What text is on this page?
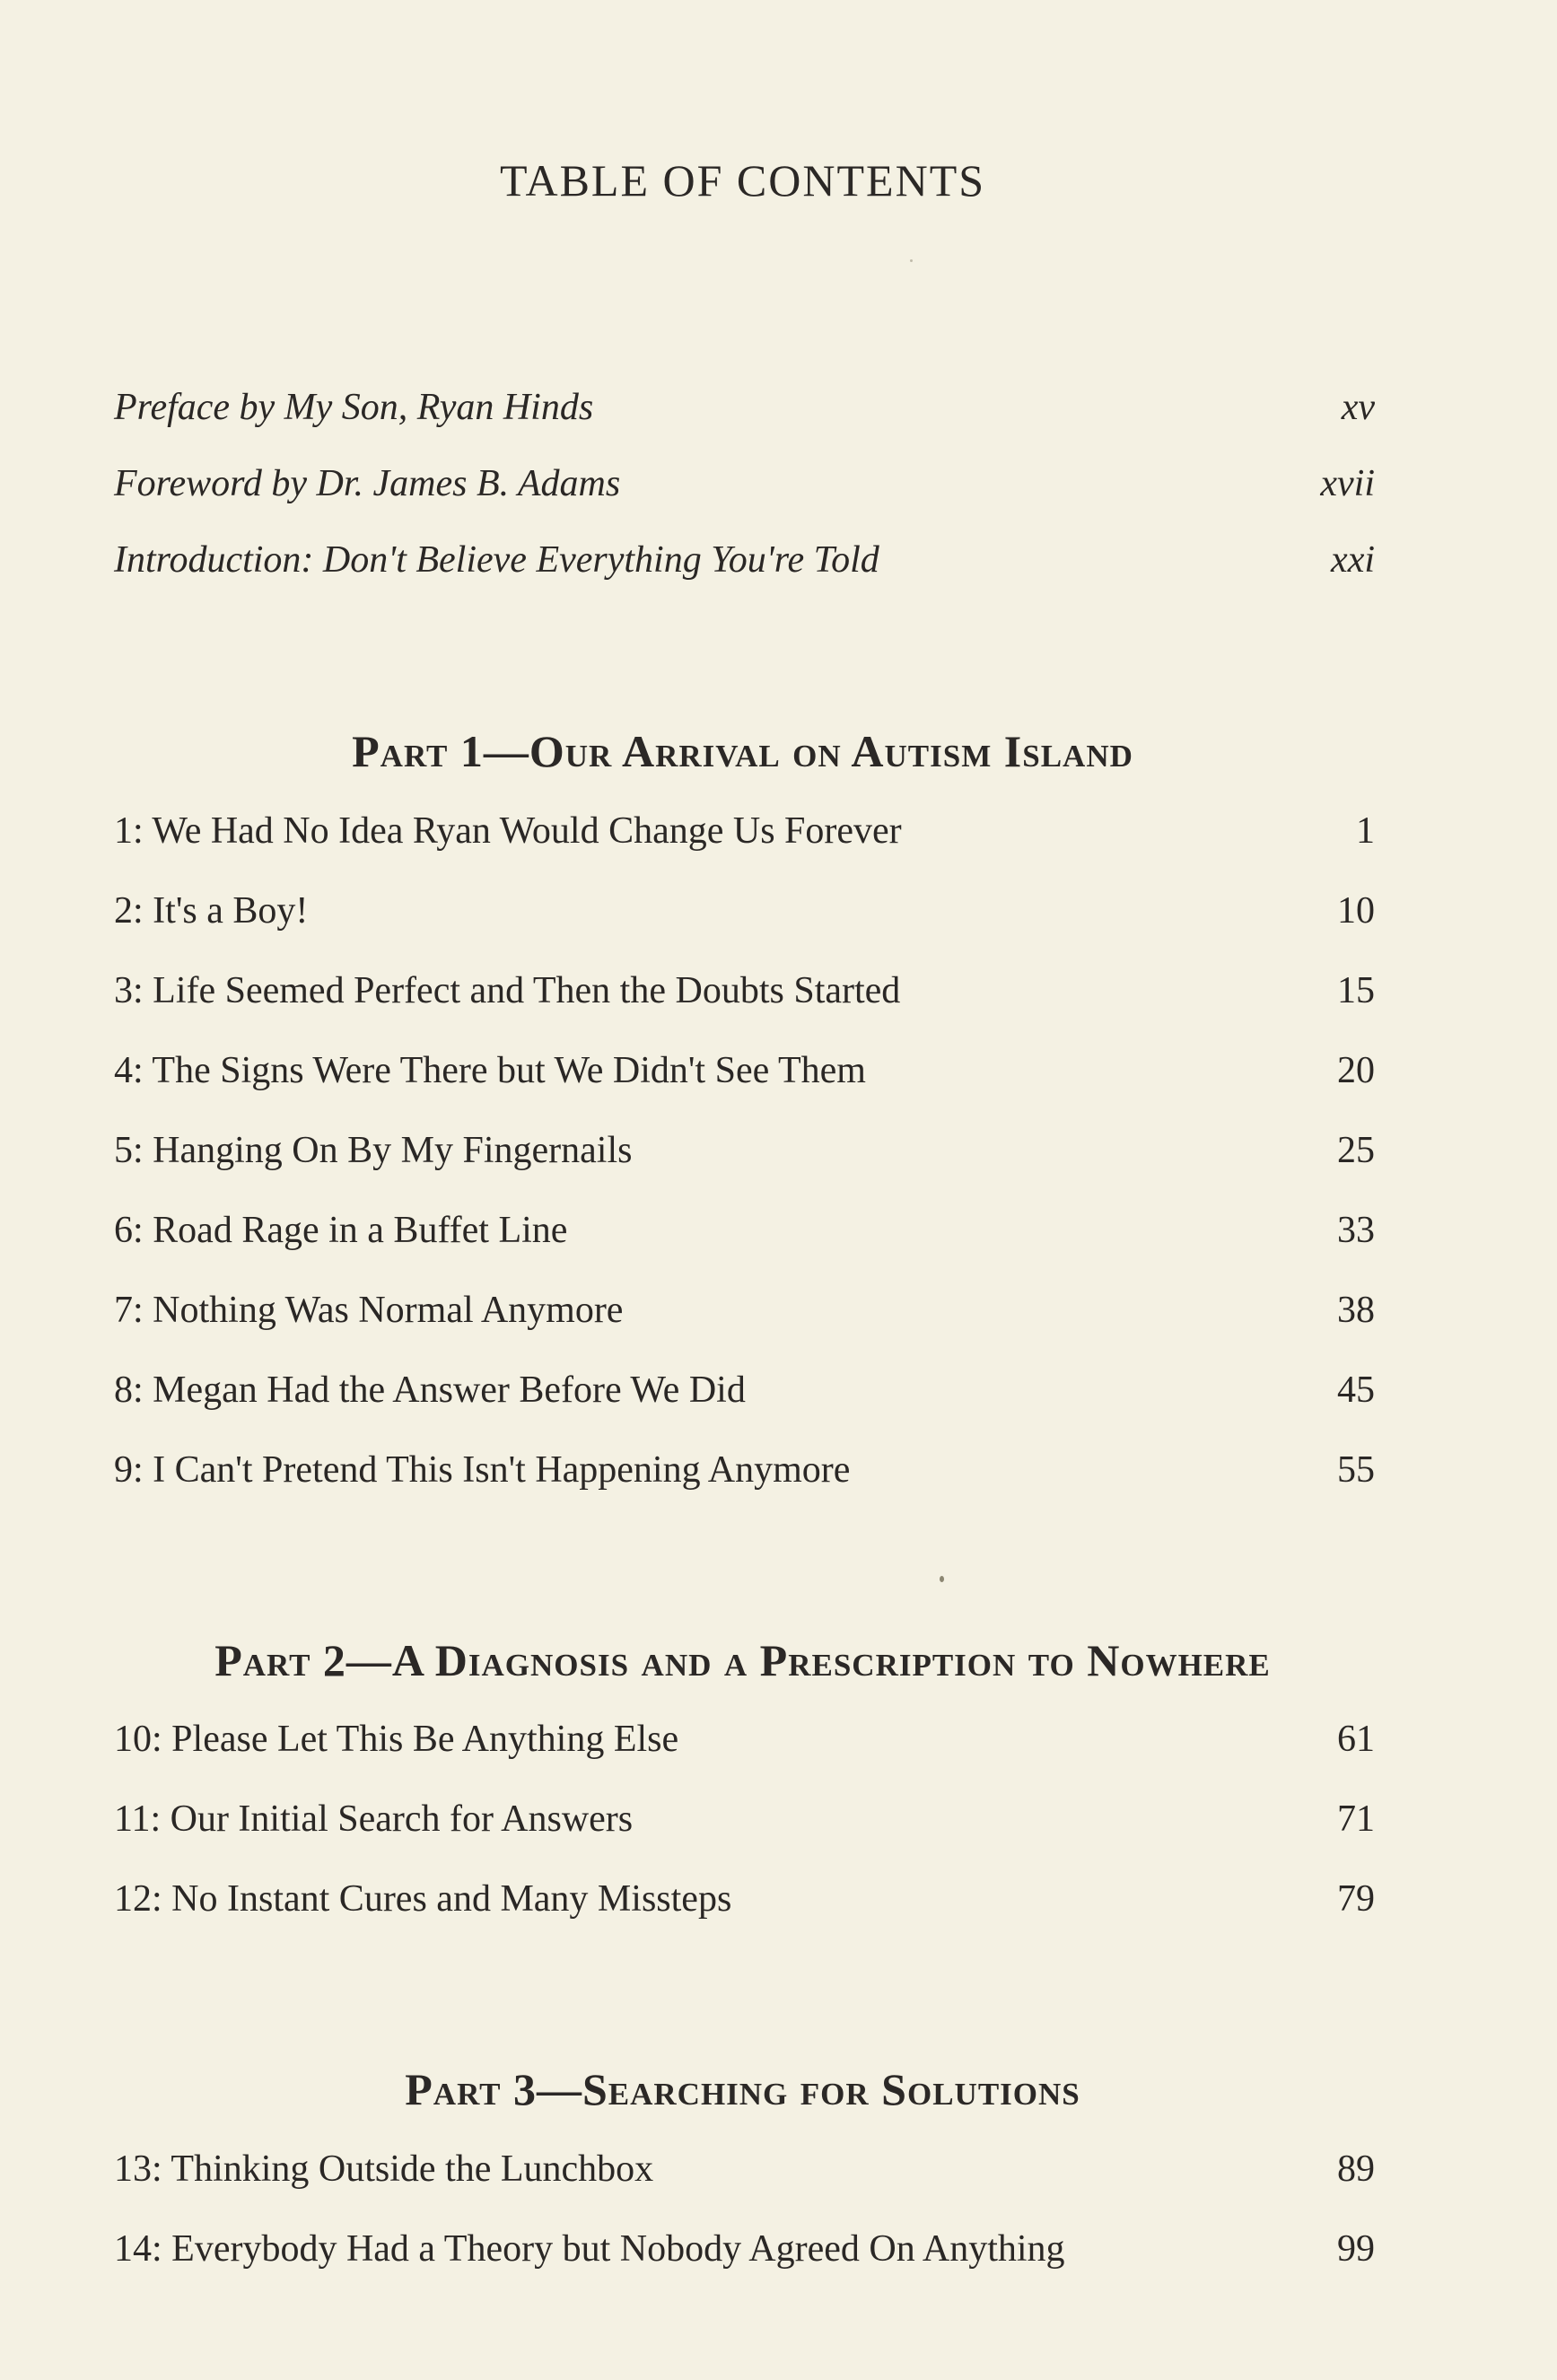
TABLE OF CONTENTS
Preface by My Son, Ryan Hinds	xv
Foreword by Dr. James B. Adams	xvii
Introduction: Don't Believe Everything You're Told	xxi
Part 1—Our Arrival on Autism Island
1: We Had No Idea Ryan Would Change Us Forever	1
2: It's a Boy!	10
3: Life Seemed Perfect and Then the Doubts Started	15
4: The Signs Were There but We Didn't See Them	20
5: Hanging On By My Fingernails	25
6: Road Rage in a Buffet Line	33
7: Nothing Was Normal Anymore	38
8: Megan Had the Answer Before We Did	45
9: I Can't Pretend This Isn't Happening Anymore	55
Part 2—A Diagnosis and a Prescription to Nowhere
10: Please Let This Be Anything Else	61
11: Our Initial Search for Answers	71
12: No Instant Cures and Many Missteps	79
Part 3—Searching for Solutions
13: Thinking Outside the Lunchbox	89
14: Everybody Had a Theory but Nobody Agreed On Anything	99
